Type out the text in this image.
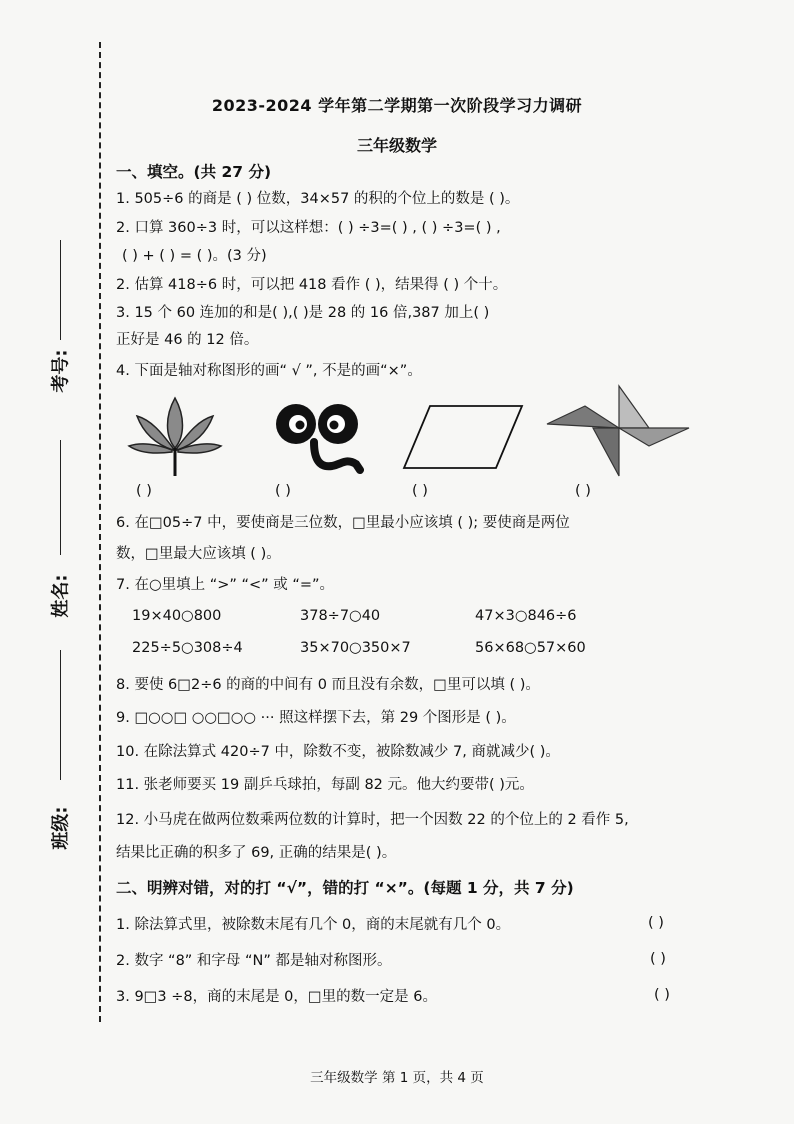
考号:
姓名:
班级:
2023-2024 学年第二学期第一次阶段学习力调研
三年级数学
一、填空。(共 27 分)
1. 505÷6 的商是 ( ) 位数，34×57 的积的个位上的数是 ( )。
2. 口算 360÷3 时，可以这样想：( ) ÷3=( ) , ( ) ÷3=( ) ,
( ) + ( ) = ( )。(3 分)
2. 估算 418÷6 时，可以把 418 看作 ( )，结果得 ( ) 个十。
3. 15 个 60 连加的和是( ),( )是 28 的 16 倍,387 加上( )
正好是 46 的 12 倍。
4. 下面是轴对称图形的画“ √ ”, 不是的画“×”。
( )	( )	( )	( )
6. 在□05÷7 中，要使商是三位数，□里最小应该填 ( ); 要使商是两位
数，□里最大应该填 ( )。
7. 在○里填上 “>” “<” 或 “=”。
19×40○800	378÷7○40	47×3○846÷6
225÷5○308÷4	35×70○350×7	56×68○57×60
8. 要使 6□2÷6 的商的中间有 0 而且没有余数，□里可以填 ( )。
9. □○○□ ○○□○○ ··· 照这样摆下去，第 29 个图形是 ( )。
10. 在除法算式 420÷7 中，除数不变，被除数减少 7, 商就减少( )。
11. 张老师要买 19 副乒乓球拍，每副 82 元。他大约要带( )元。
12. 小马虎在做两位数乘两位数的计算时，把一个因数 22 的个位上的 2 看作 5,
结果比正确的积多了 69, 正确的结果是( )。
二、明辨对错，对的打 “√”，错的打 “×”。(每题 1 分，共 7 分)
1. 除法算式里，被除数末尾有几个 0，商的末尾就有几个 0。	( )
2. 数字 “8” 和字母 “N” 都是轴对称图形。	( )
3. 9□3 ÷8，商的末尾是 0，□里的数一定是 6。	( )
三年级数学 第 1 页，共 4 页
